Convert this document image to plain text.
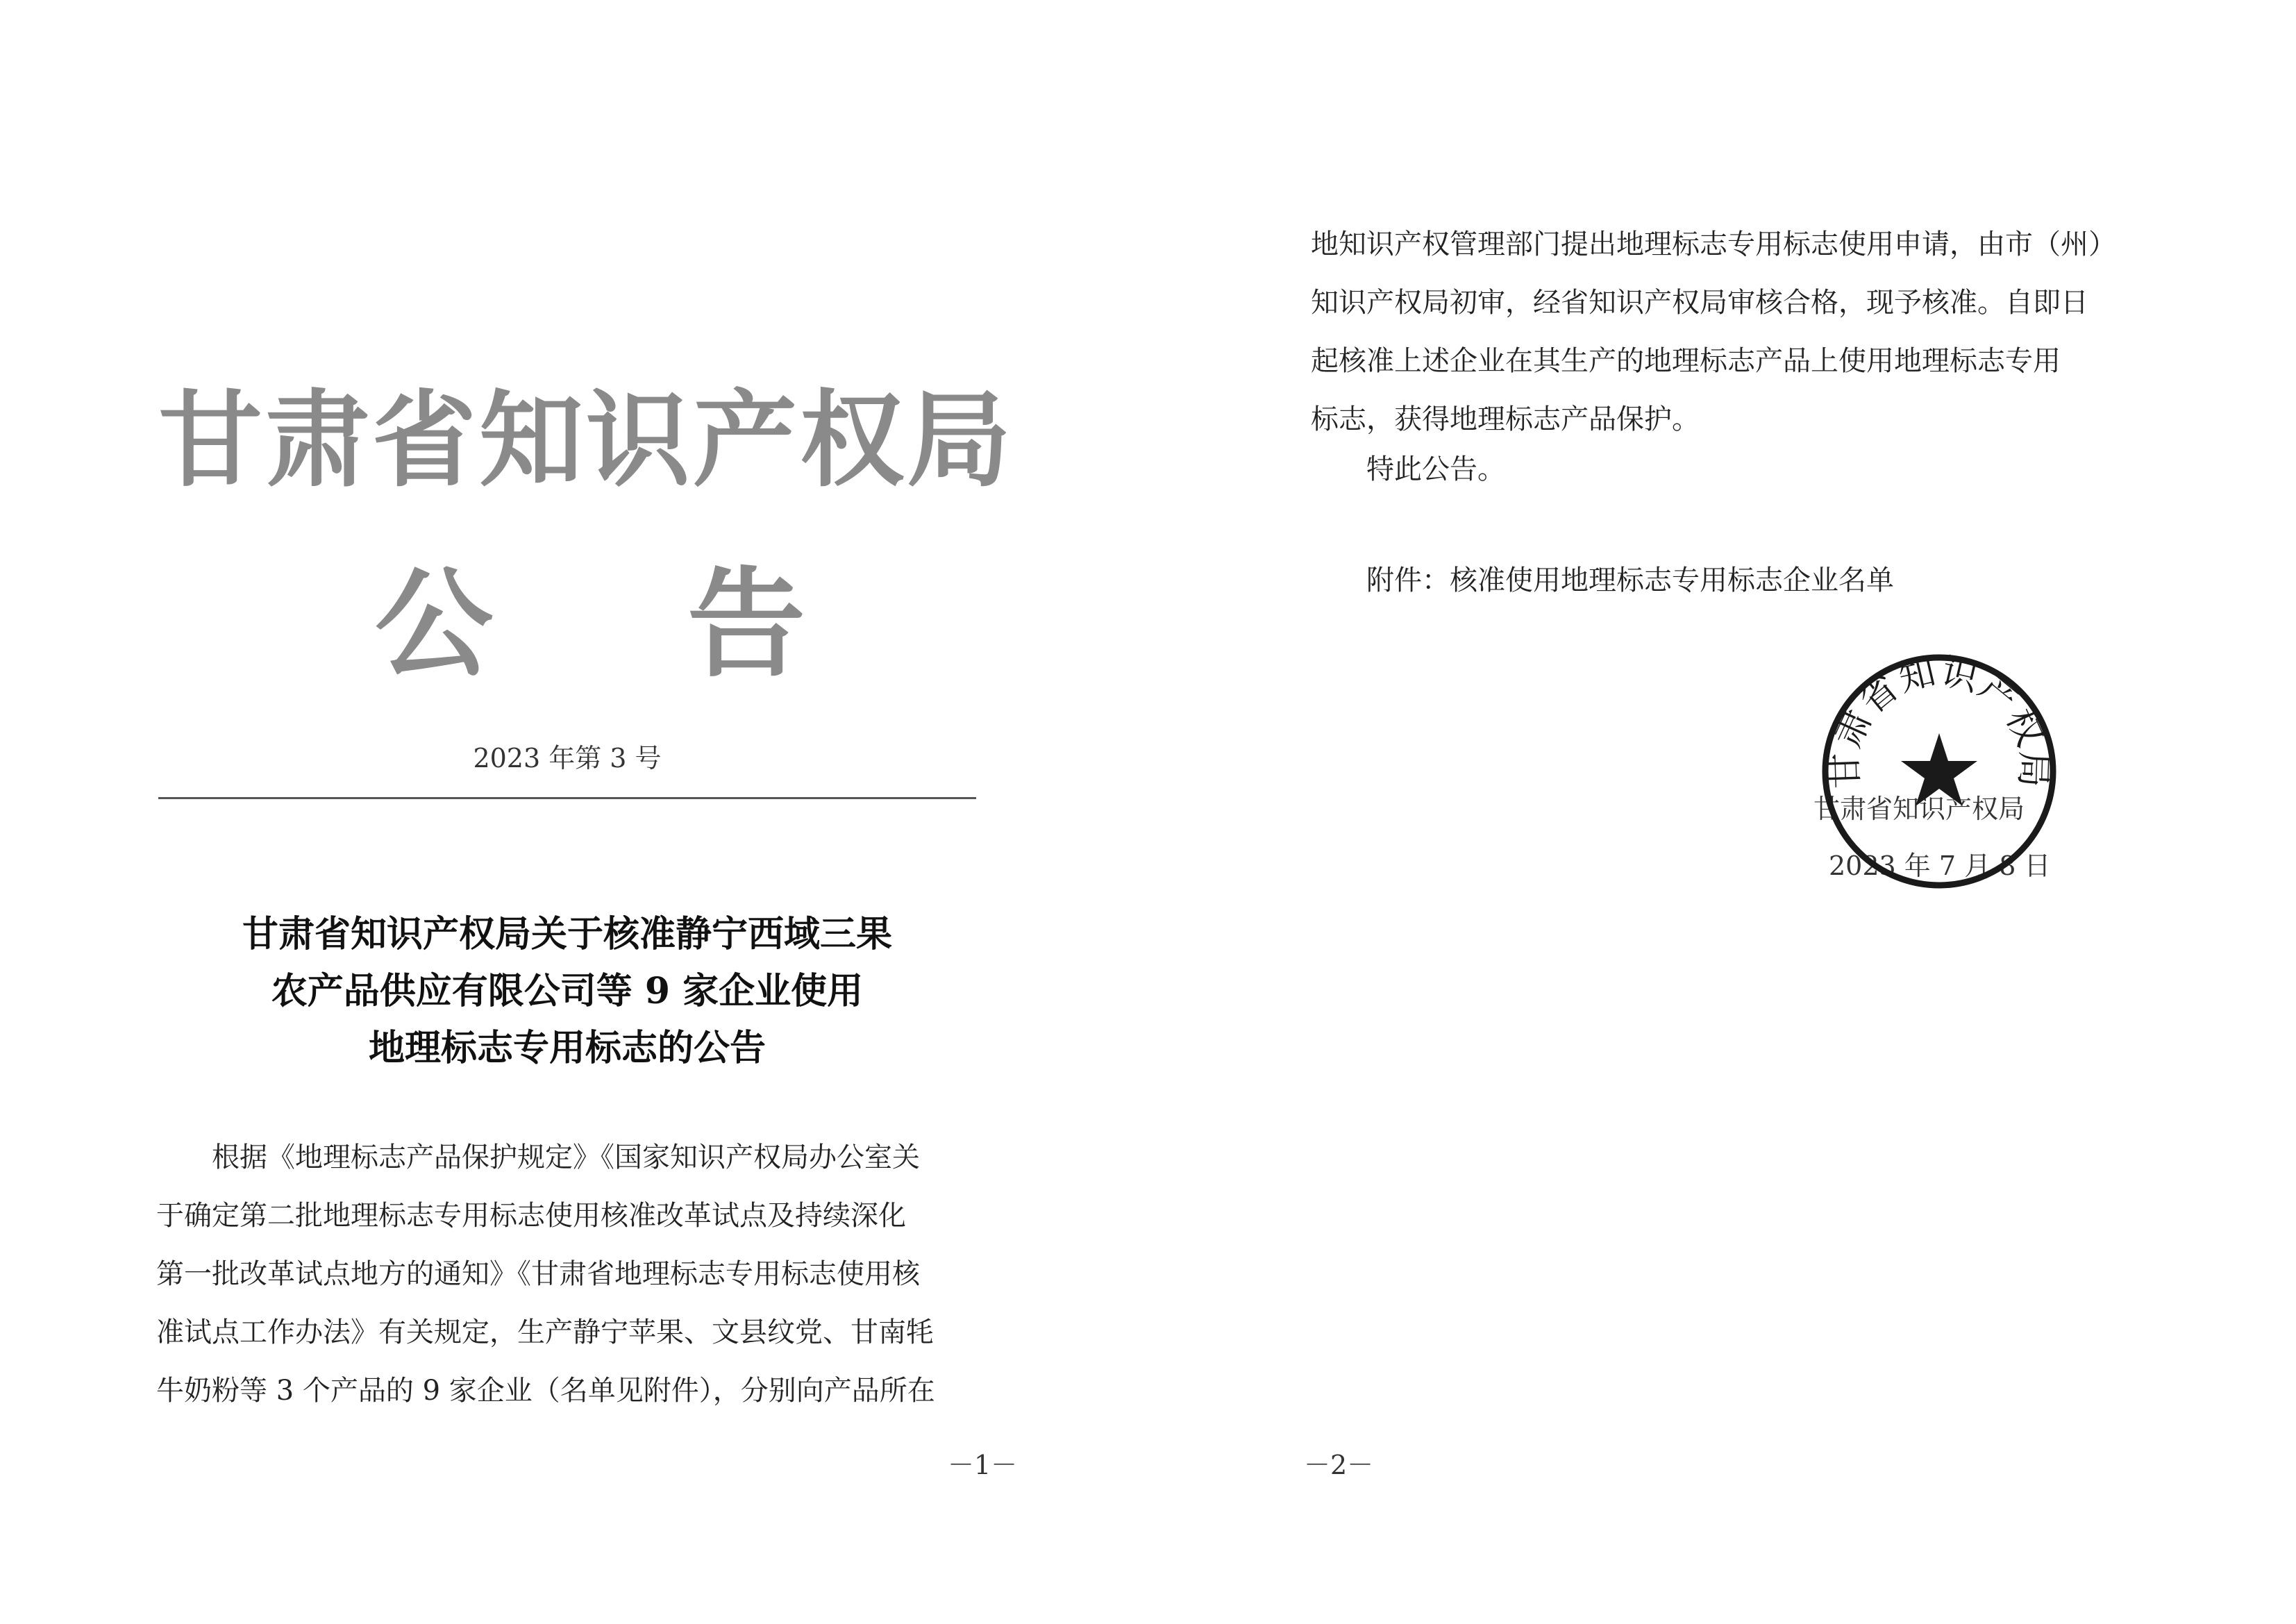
甘肃省知识产权局
公 告
2023 年第 3 号
甘肃省知识产权局关于核准静宁西域三果
农产品供应有限公司等 9 家企业使用
地理标志专用标志的公告
根据《地理标志产品保护规定》《国家知识产权局办公室关
于确定第二批地理标志专用标志使用核准改革试点及持续深化
第一批改革试点地方的通知》《甘肃省地理标志专用标志使用核
准试点工作办法》有关规定，生产静宁苹果、文县纹党、甘南牦
牛奶粉等 3 个产品的 9 家企业（名单见附件），分别向产品所在
－1－
地知识产权管理部门提出地理标志专用标志使用申请，由市（州）
知识产权局初审，经省知识产权局审核合格，现予核准。自即日
起核准上述企业在其生产的地理标志产品上使用地理标志专用
标志，获得地理标志产品保护。
特此公告。
附件：核准使用地理标志专用标志企业名单
甘肃省知识产权局
2023 年 7 月 8 日
甘肃省知识产权局
－2－
